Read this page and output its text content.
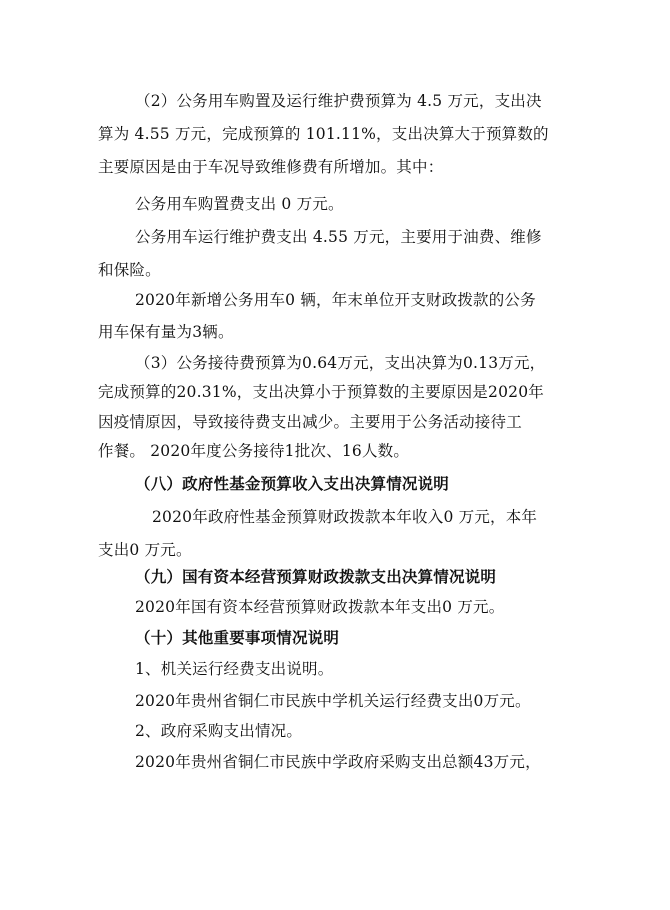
（2）公务用车购置及运行维护费预算为 4.5 万元，支出决
算为 4.55 万元，完成预算的 101.11%，支出决算大于预算数的
主要原因是由于车况导致维修费有所增加。其中：
公务用车购置费支出 0 万元。
公务用车运行维护费支出 4.55 万元，主要用于油费、维修
和保险。
2020年新增公务用车0 辆，年末单位开支财政拨款的公务
用车保有量为3辆。
（3）公务接待费预算为0.64万元，支出决算为0.13万元，
完成预算的20.31%，支出决算小于预算数的主要原因是2020年
因疫情原因，导致接待费支出减少。主要用于公务活动接待工
作餐。 2020年度公务接待1批次、16人数。
（八）政府性基金预算收入支出决算情况说明
2020年政府性基金预算财政拨款本年收入0 万元，本年
支出0 万元。
（九）国有资本经营预算财政拨款支出决算情况说明
2020年国有资本经营预算财政拨款本年支出0 万元。
（十）其他重要事项情况说明
1、机关运行经费支出说明。
2020年贵州省铜仁市民族中学机关运行经费支出0万元。
2、政府采购支出情况。
2020年贵州省铜仁市民族中学政府采购支出总额43万元，
